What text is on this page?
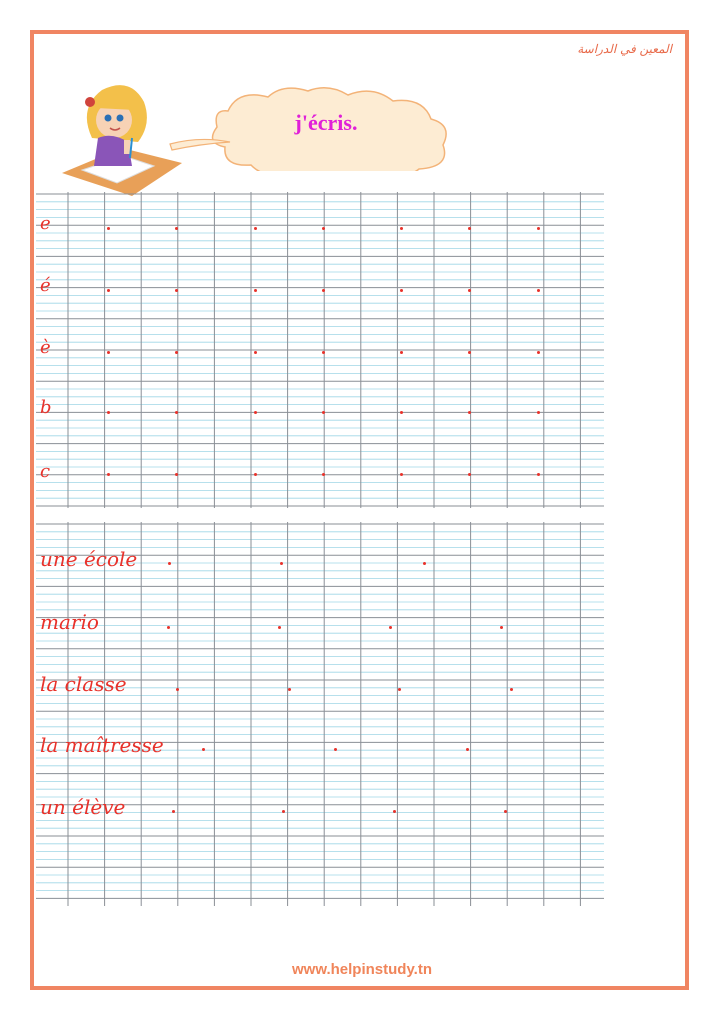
المعين في الدراسة
j'écris.
e
é
è
b
c
une école
mario
la classe
la maîtresse
un élève
www.helpinstudy.tn
